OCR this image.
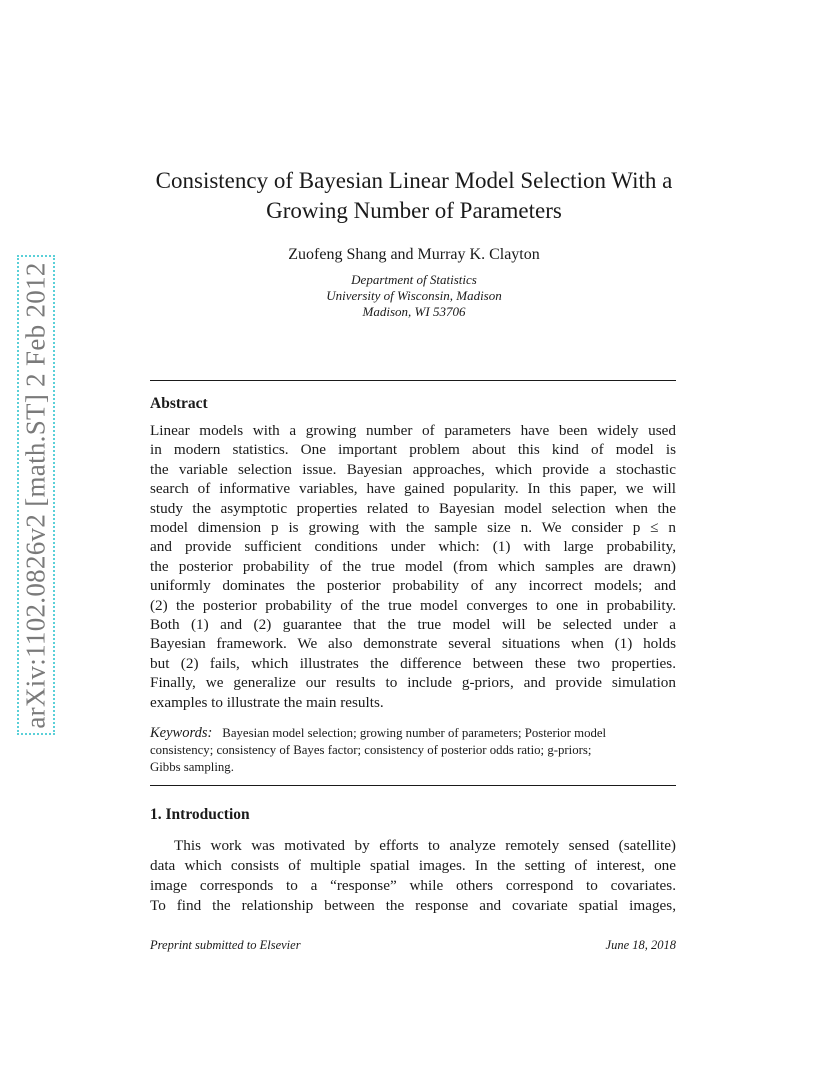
arXiv:1102.0826v2 [math.ST] 2 Feb 2012
Consistency of Bayesian Linear Model Selection With a
Growing Number of Parameters
Zuofeng Shang and Murray K. Clayton
Department of Statistics
University of Wisconsin, Madison
Madison, WI 53706
Abstract
Linear models with a growing number of parameters have been widely used
in modern statistics. One important problem about this kind of model is
the variable selection issue. Bayesian approaches, which provide a stochastic
search of informative variables, have gained popularity. In this paper, we will
study the asymptotic properties related to Bayesian model selection when the
model dimension p is growing with the sample size n. We consider p ≤ n
and provide sufficient conditions under which: (1) with large probability,
the posterior probability of the true model (from which samples are drawn)
uniformly dominates the posterior probability of any incorrect models; and
(2) the posterior probability of the true model converges to one in probability.
Both (1) and (2) guarantee that the true model will be selected under a
Bayesian framework. We also demonstrate several situations when (1) holds
but (2) fails, which illustrates the difference between these two properties.
Finally, we generalize our results to include g-priors, and provide simulation
examples to illustrate the main results.
Keywords: Bayesian model selection; growing number of parameters; Posterior model
consistency; consistency of Bayes factor; consistency of posterior odds ratio; g-priors;
Gibbs sampling.
1. Introduction
This work was motivated by efforts to analyze remotely sensed (satellite)
data which consists of multiple spatial images. In the setting of interest, one
image corresponds to a “response” while others correspond to covariates.
To find the relationship between the response and covariate spatial images,
Preprint submitted to Elsevier	June 18, 2018
